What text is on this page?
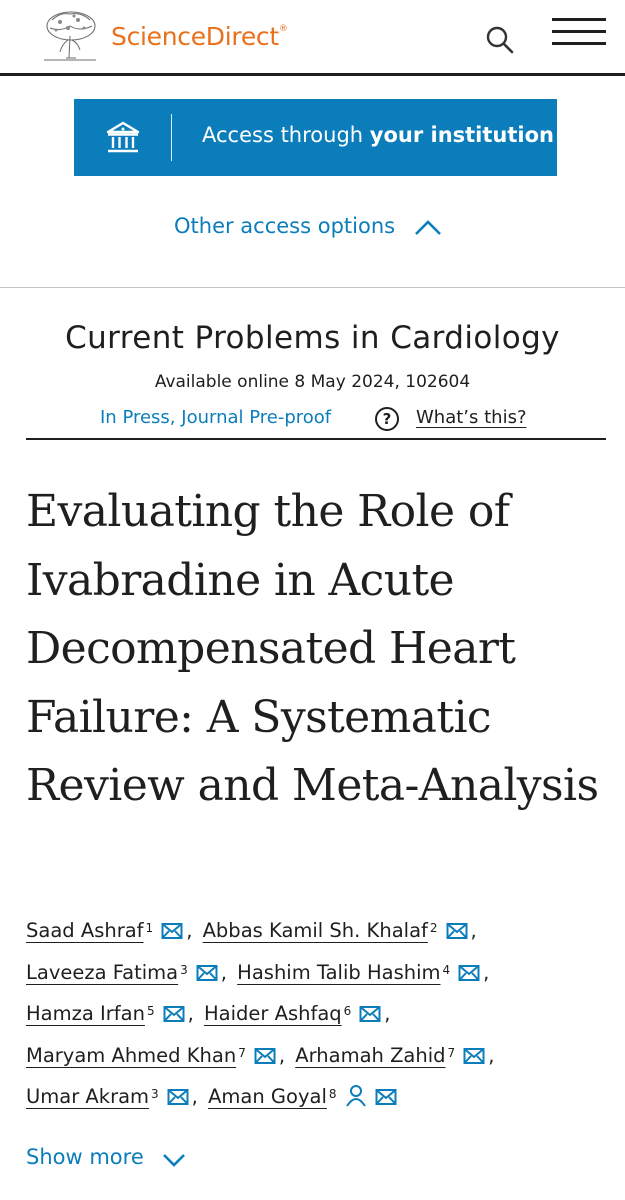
ScienceDirect®
Access through your institution
Other access options
Current Problems in Cardiology
Available online 8 May 2024, 102604
In Press, Journal Pre-proof	?	What’s this?
Evaluating the Role of Ivabradine in Acute Decompensated Heart Failure: A Systematic Review and Meta-Analysis
Saad Ashraf $^1$ , Abbas Kamil Sh. Khalaf $^2$ , Laveeza Fatima $^3$ , Hashim Talib Hashim $^4$ , Hamza Irfan $^5$ , Haider Ashfaq $^6$ , Maryam Ahmed Khan $^7$ , Arhamah Zahid $^7$ , Umar Akram $^3$ , Aman Goyal $^8$
Show more
